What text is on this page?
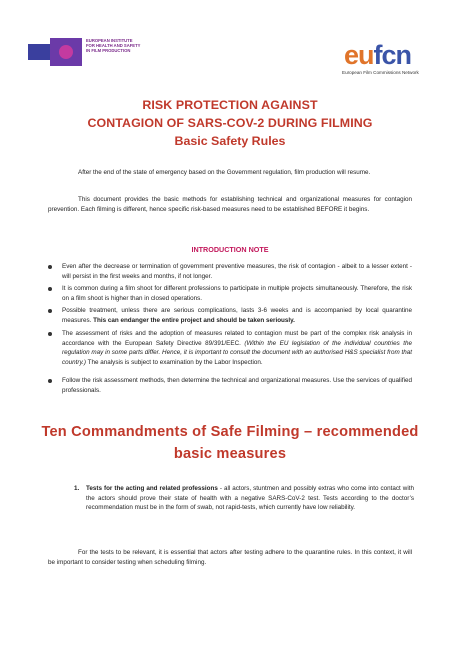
EUROPEAN INSTITUTE FOR HEALTH AND SAFETY IN FILM PRODUCTION	eufcn
European Film Commissions Network
RISK PROTECTION AGAINST
CONTAGION OF SARS-COV-2 DURING FILMING
Basic Safety Rules
After the end of the state of emergency based on the Government regulation, film production will resume.
This document provides the basic methods for establishing technical and organizational measures for contagion prevention. Each filming is different, hence specific risk-based measures need to be established BEFORE it begins.
INTRODUCTION NOTE
Even after the decrease or termination of government preventive measures, the risk of contagion - albeit to a lesser extent - will persist in the first weeks and months, if not longer.
It is common during a film shoot for different professions to participate in multiple projects simultaneously. Therefore, the risk on a film shoot is higher than in closed operations.
Possible treatment, unless there are serious complications, lasts 3-6 weeks and is accompanied by local quarantine measures. This can endanger the entire project and should be taken seriously.
The assessment of risks and the adoption of measures related to contagion must be part of the complex risk analysis in accordance with the European Safety Directive 89/391/EEC. (Within the EU legislation of the individual countries the regulation may in some parts differ. Hence, it is important to consult the document with an authorised H&S specialist from that country.) The analysis is subject to examination by the Labor Inspection.
Follow the risk assessment methods, then determine the technical and organizational measures. Use the services of qualified professionals.
Ten Commandments of Safe Filming – recommended
basic measures
1. Tests for the acting and related professions - all actors, stuntmen and possibly extras who come into contact with the actors should prove their state of health with a negative SARS-CoV-2 test. Tests according to the doctor’s recommendation must be in the form of swab, not rapid-tests, which currently have low reliability.
For the tests to be relevant, it is essential that actors after testing adhere to the quarantine rules. In this context, it will be important to consider testing when scheduling filming.
